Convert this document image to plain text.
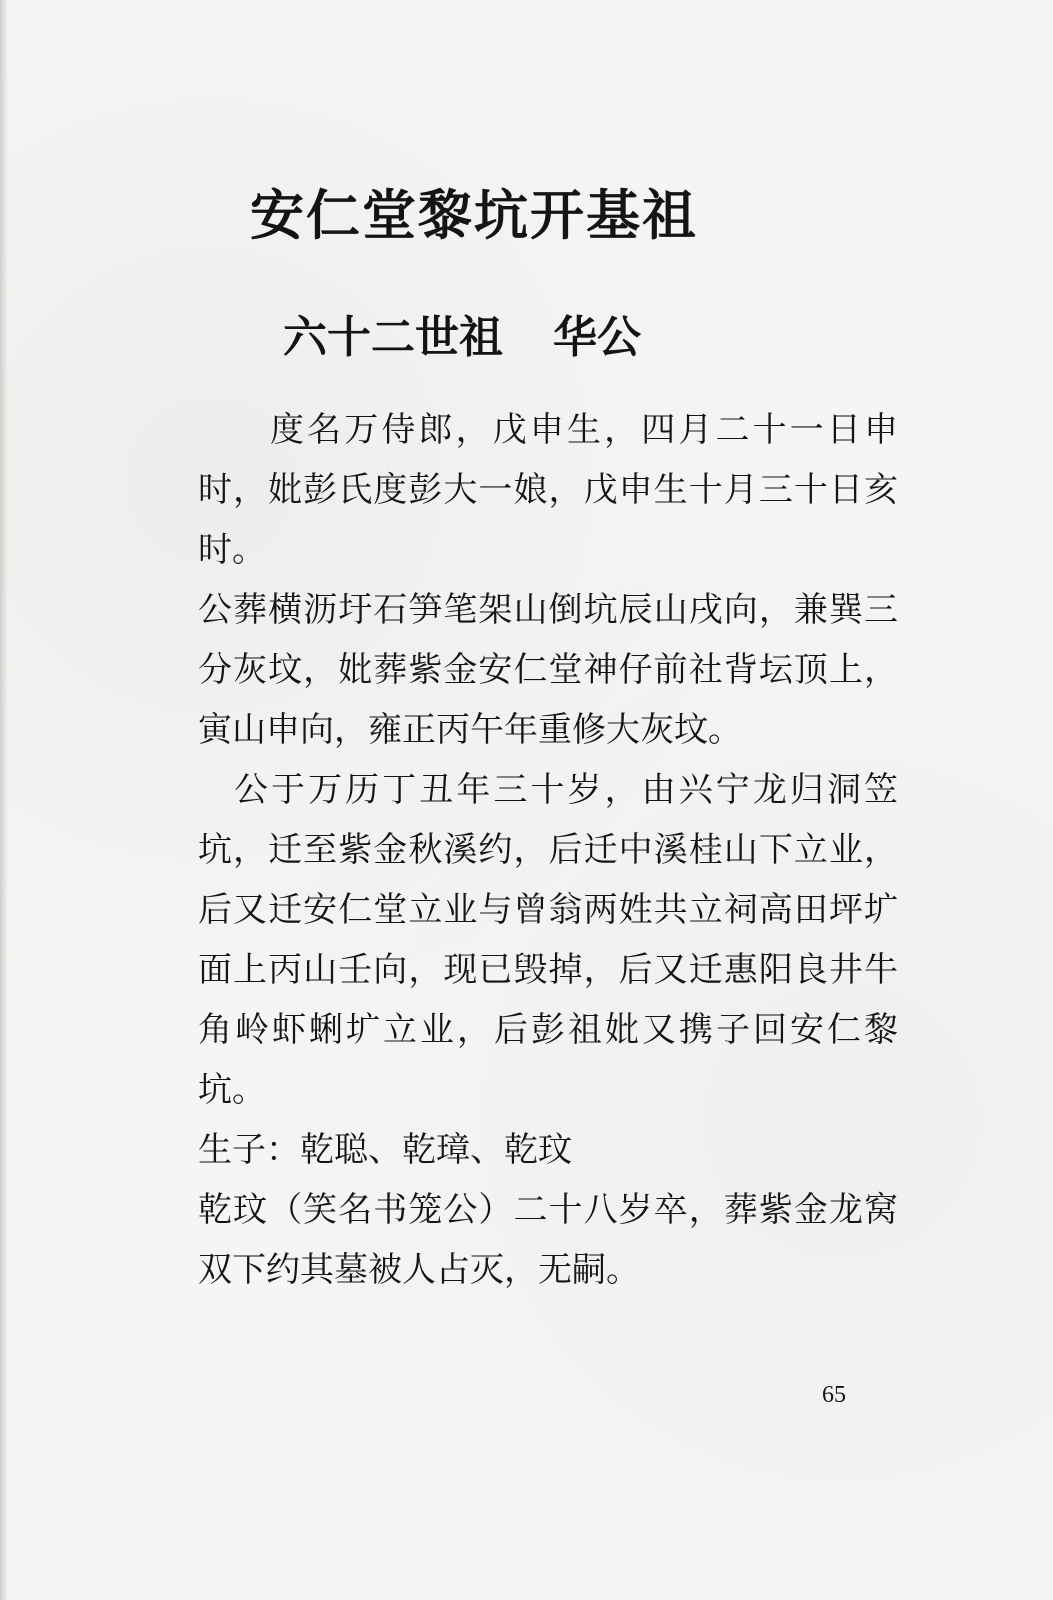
安仁堂黎坑开基祖
六十二世祖 华公

度名万侍郎，戊申生，四月二十一日申时，妣彭氏度彭大一娘，戊申生十月三十日亥时。

公葬横沥圩石笋笔架山倒坑辰山戌向，兼巽三分灰坟，妣葬紫金安仁堂神仔前社背坛顶上，寅山申向，雍正丙午年重修大灰坟。

公于万历丁丑年三十岁，由兴宁龙归洞笠坑，迁至紫金秋溪约，后迁中溪桂山下立业，后又迁安仁堂立业与曾翁两姓共立祠高田坪圹面上丙山壬向，现已毁掉，后又迁惠阳良井牛角岭虾蜊圹立业，后彭祖妣又携子回安仁黎坑。

生子：乾聪、乾璋、乾玟

乾玟（笑名书笼公）二十八岁卒，葬紫金龙窝双下约其墓被人占灭，无嗣。

65
